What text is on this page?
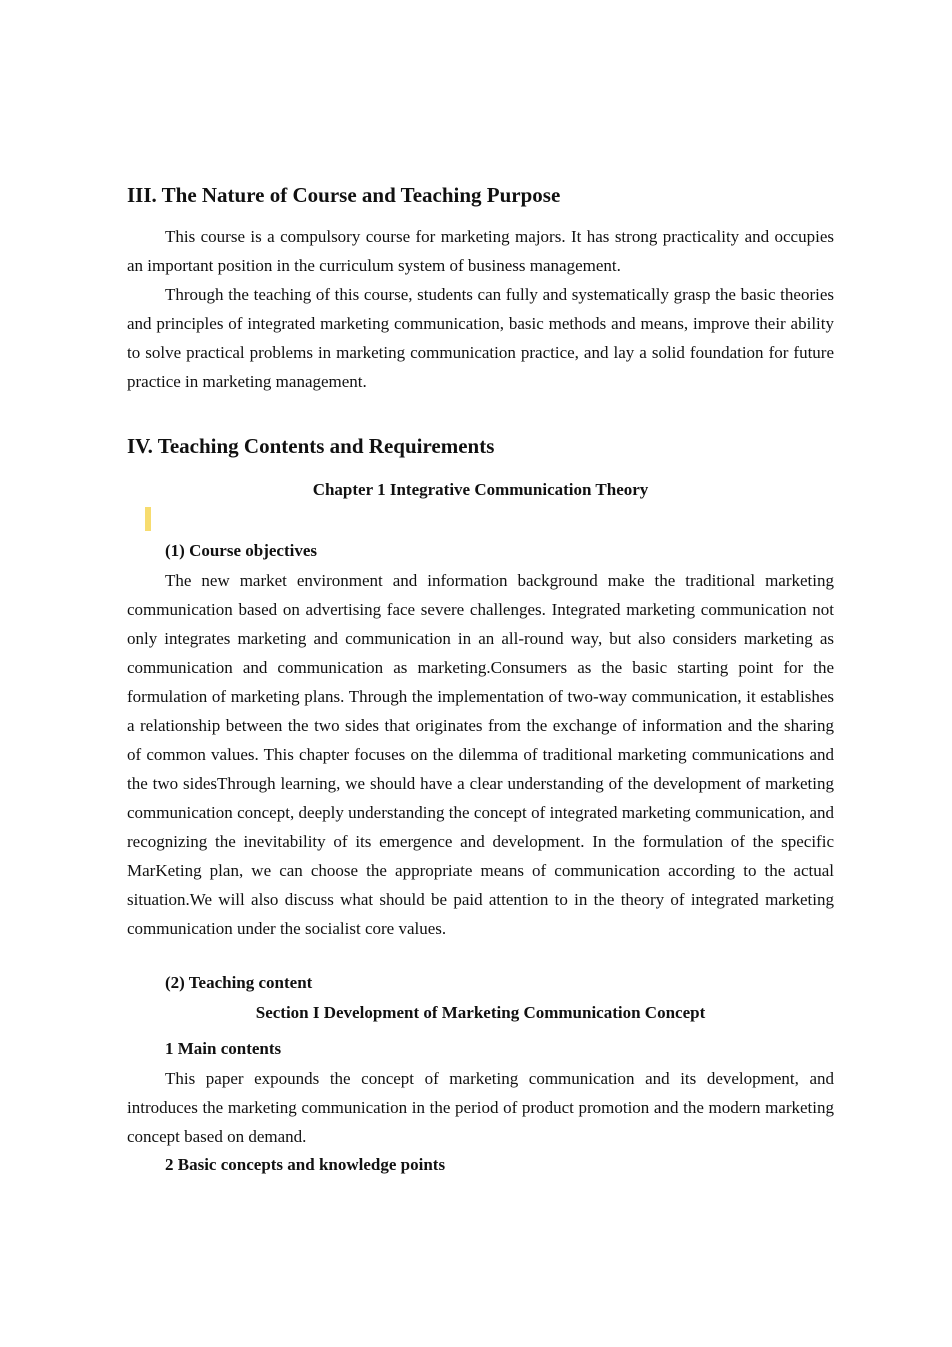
III. The Nature of Course and Teaching Purpose

This course is a compulsory course for marketing majors. It has strong practicality and occupies an important position in the curriculum system of business management.

Through the teaching of this course, students can fully and systematically grasp the basic theories and principles of integrated marketing communication, basic methods and means, improve their ability to solve practical problems in marketing communication practice, and lay a solid foundation for future practice in marketing management.

IV. Teaching Contents and Requirements
Chapter 1 Integrative Communication Theory
(1) Course objectives

The new market environment and information background make the traditional marketing communication based on advertising face severe challenges. Integrated marketing communication not only integrates marketing and communication in an all-round way, but also considers marketing as communication and communication as marketing.Consumers as the basic starting point for the formulation of marketing plans. Through the implementation of two-way communication, it establishes a relationship between the two sides that originates from the exchange of information and the sharing of common values. This chapter focuses on the dilemma of traditional marketing communications and the two sidesThrough learning, we should have a clear understanding of the development of marketing communication concept, deeply understanding the concept of integrated marketing communication, and recognizing the inevitability of its emergence and development. In the formulation of the specific MarKeting plan, we can choose the appropriate means of communication according to the actual situation.We will also discuss what should be paid attention to in the theory of integrated marketing communication under the socialist core values.

(2) Teaching content
Section I Development of Marketing Communication Concept
1 Main contents

This paper expounds the concept of marketing communication and its development, and introduces the marketing communication in the period of product promotion and the modern marketing concept based on demand.

2 Basic concepts and knowledge points
